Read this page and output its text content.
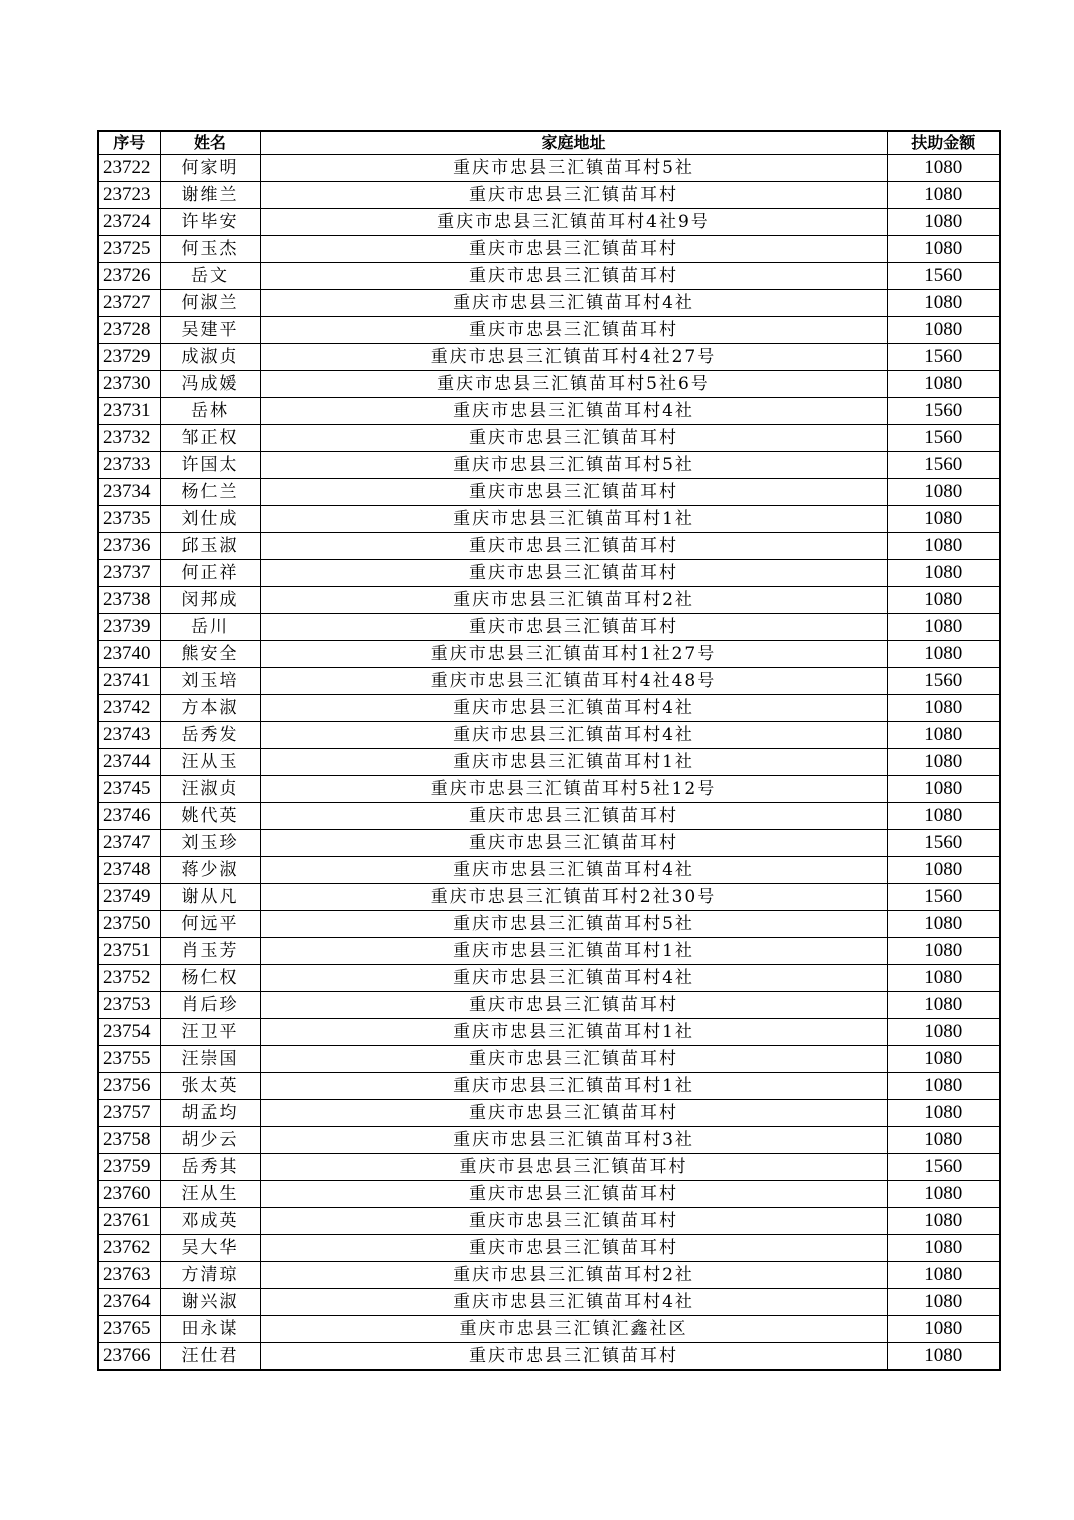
序号	姓名	家庭地址	扶助金额
23722	何家明	重庆市忠县三汇镇苗耳村5社	1080
23723	谢维兰	重庆市忠县三汇镇苗耳村	1080
23724	许毕安	重庆市忠县三汇镇苗耳村4社9号	1080
23725	何玉杰	重庆市忠县三汇镇苗耳村	1080
23726	岳文	重庆市忠县三汇镇苗耳村	1560
23727	何淑兰	重庆市忠县三汇镇苗耳村4社	1080
23728	吴建平	重庆市忠县三汇镇苗耳村	1080
23729	成淑贞	重庆市忠县三汇镇苗耳村4社27号	1560
23730	冯成媛	重庆市忠县三汇镇苗耳村5社6号	1080
23731	岳林	重庆市忠县三汇镇苗耳村4社	1560
23732	邹正权	重庆市忠县三汇镇苗耳村	1560
23733	许国太	重庆市忠县三汇镇苗耳村5社	1560
23734	杨仁兰	重庆市忠县三汇镇苗耳村	1080
23735	刘仕成	重庆市忠县三汇镇苗耳村1社	1080
23736	邱玉淑	重庆市忠县三汇镇苗耳村	1080
23737	何正祥	重庆市忠县三汇镇苗耳村	1080
23738	闵邦成	重庆市忠县三汇镇苗耳村2社	1080
23739	岳川	重庆市忠县三汇镇苗耳村	1080
23740	熊安全	重庆市忠县三汇镇苗耳村1社27号	1080
23741	刘玉培	重庆市忠县三汇镇苗耳村4社48号	1560
23742	方本淑	重庆市忠县三汇镇苗耳村4社	1080
23743	岳秀发	重庆市忠县三汇镇苗耳村4社	1080
23744	汪从玉	重庆市忠县三汇镇苗耳村1社	1080
23745	汪淑贞	重庆市忠县三汇镇苗耳村5社12号	1080
23746	姚代英	重庆市忠县三汇镇苗耳村	1080
23747	刘玉珍	重庆市忠县三汇镇苗耳村	1560
23748	蒋少淑	重庆市忠县三汇镇苗耳村4社	1080
23749	谢从凡	重庆市忠县三汇镇苗耳村2社30号	1560
23750	何远平	重庆市忠县三汇镇苗耳村5社	1080
23751	肖玉芳	重庆市忠县三汇镇苗耳村1社	1080
23752	杨仁权	重庆市忠县三汇镇苗耳村4社	1080
23753	肖后珍	重庆市忠县三汇镇苗耳村	1080
23754	汪卫平	重庆市忠县三汇镇苗耳村1社	1080
23755	汪崇国	重庆市忠县三汇镇苗耳村	1080
23756	张太英	重庆市忠县三汇镇苗耳村1社	1080
23757	胡孟均	重庆市忠县三汇镇苗耳村	1080
23758	胡少云	重庆市忠县三汇镇苗耳村3社	1080
23759	岳秀其	重庆市县忠县三汇镇苗耳村	1560
23760	汪从生	重庆市忠县三汇镇苗耳村	1080
23761	邓成英	重庆市忠县三汇镇苗耳村	1080
23762	吴大华	重庆市忠县三汇镇苗耳村	1080
23763	方清琼	重庆市忠县三汇镇苗耳村2社	1080
23764	谢兴淑	重庆市忠县三汇镇苗耳村4社	1080
23765	田永谋	重庆市忠县三汇镇汇鑫社区	1080
23766	汪仕君	重庆市忠县三汇镇苗耳村	1080
